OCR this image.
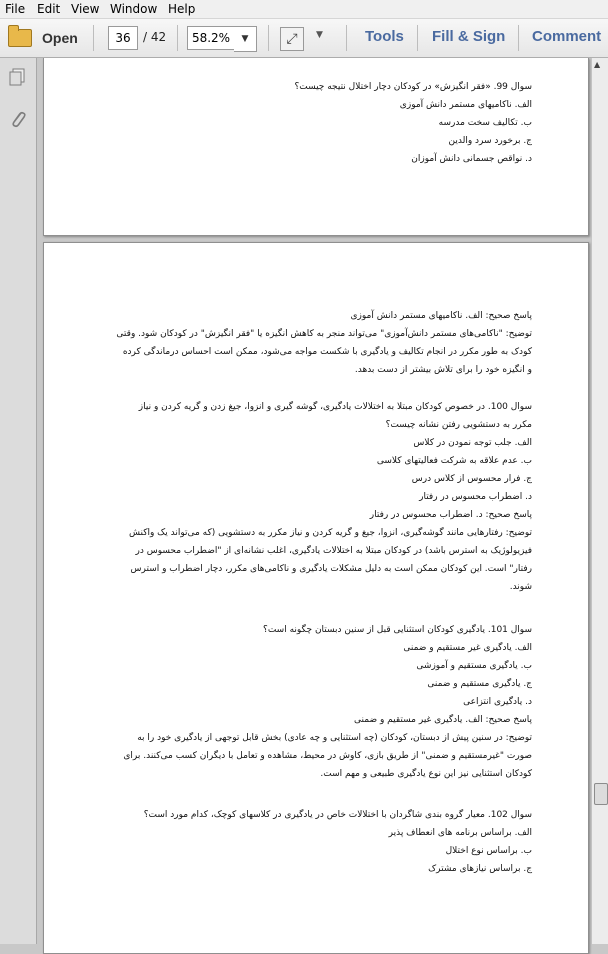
File Edit View Window Help
Open	36	/ 42	58.2%	▼	⤢	▼	Tools Fill & Sign Comment
▲
سوال 99. «فقر انگیزش» در کودکان دچار اختلال نتیجه چیست؟
الف. ناکامیهای مستمر دانش آموزی
ب. تکالیف سخت مدرسه
ج. برخورد سرد والدین
د. نواقص جسمانی دانش آموزان
پاسخ صحیح: الف. ناکامیهای مستمر دانش آموزی
توضیح: "ناکامی‌های مستمر دانش‌آموزی" می‌تواند منجر به کاهش انگیزه یا "فقر انگیزش" در کودکان شود. وقتی
کودک به طور مکرر در انجام تکالیف و یادگیری با شکست مواجه می‌شود، ممکن است احساس درماندگی کرده
و انگیزه خود را برای تلاش بیشتر از دست بدهد.
سوال 100. در خصوص کودکان مبتلا به اختلالات یادگیری، گوشه گیری و انزوا، جیغ زدن و گریه کردن و نیاز
مکرر به دستشویی رفتن نشانه چیست؟
الف. جلب توجه نمودن در کلاس
ب. عدم علاقه به شرکت فعالیتهای کلاسی
ج. فرار محسوس از کلاس درس
د. اضطراب محسوس در رفتار
پاسخ صحیح: د. اضطراب محسوس در رفتار
توضیح: رفتارهایی مانند گوشه‌گیری، انزوا، جیغ و گریه کردن و نیاز مکرر به دستشویی (که می‌تواند یک واکنش
فیزیولوژیک به استرس باشد) در کودکان مبتلا به اختلالات یادگیری، اغلب نشانه‌ای از "اضطراب محسوس در
رفتار" است. این کودکان ممکن است به دلیل مشکلات یادگیری و ناکامی‌های مکرر، دچار اضطراب و استرس
شوند.
سوال 101. یادگیری کودکان استثنایی قبل از سنین دبستان چگونه است؟
الف. یادگیری غیر مستقیم و ضمنی
ب. یادگیری مستقیم و آموزشی
ج. یادگیری مستقیم و ضمنی
د. یادگیری انتزاعی
پاسخ صحیح: الف. یادگیری غیر مستقیم و ضمنی
توضیح: در سنین پیش از دبستان، کودکان (چه استثنایی و چه عادی) بخش قابل توجهی از یادگیری خود را به
صورت "غیرمستقیم و ضمنی" از طریق بازی، کاوش در محیط، مشاهده و تعامل با دیگران کسب می‌کنند. برای
کودکان استثنایی نیز این نوع یادگیری طبیعی و مهم است.
سوال 102. معیار گروه بندی شاگردان با اختلالات خاص در یادگیری در کلاسهای کوچک، کدام مورد است؟
الف. براساس برنامه های انعطاف پذیر
ب. براساس نوع اختلال
ج. براساس نیازهای مشترک
